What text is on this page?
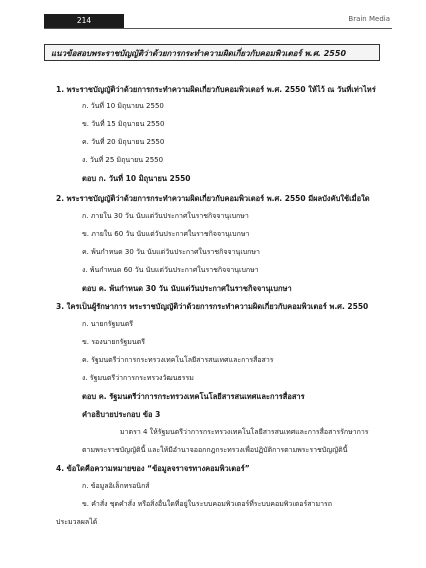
214	Brain Media
แนวข้อสอบพระราชบัญญัติว่าด้วยการกระทำความผิดเกี่ยวกับคอมพิวเตอร์ พ.ศ. 2550
1. พระราชบัญญัติว่าด้วยการกระทำความผิดเกี่ยวกับคอมพิวเตอร์ พ.ศ. 2550 ให้ไว้ ณ วันที่เท่าไหร่
ก. วันที่ 10 มิถุนายน 2550
ข. วันที่ 15 มิถุนายน 2550
ค. วันที่ 20 มิถุนายน 2550
ง. วันที่ 25 มิถุนายน 2550
ตอบ ก. วันที่ 10 มิถุนายน 2550
2. พระราชบัญญัติว่าด้วยการกระทำความผิดเกี่ยวกับคอมพิวเตอร์ พ.ศ. 2550 มีผลบังคับใช้เมื่อใด
ก. ภายใน 30 วัน นับแต่วันประกาศในราชกิจจานุเบกษา
ข. ภายใน 60 วัน นับแต่วันประกาศในราชกิจจานุเบกษา
ค. พ้นกำหนด 30 วัน นับแต่วันประกาศในราชกิจจานุเบกษา
ง. พ้นกำหนด 60 วัน นับแต่วันประกาศในราชกิจจานุเบกษา
ตอบ ค. พ้นกำหนด 30 วัน นับแต่วันประกาศในราชกิจจานุเบกษา
3. ใครเป็นผู้รักษาการ พระราชบัญญัติว่าด้วยการกระทำความผิดเกี่ยวกับคอมพิวเตอร์ พ.ศ. 2550
ก. นายกรัฐมนตรี
ข. รองนายกรัฐมนตรี
ค. รัฐมนตรีว่าการกระทรวงเทคโนโลยีสารสนเทศและการสื่อสาร
ง. รัฐมนตรีว่าการกระทรวงวัฒนธรรม
ตอบ ค. รัฐมนตรีว่าการกระทรวงเทคโนโลยีสารสนเทศและการสื่อสาร
คำอธิบายประกอบ ข้อ 3
มาตรา 4 ให้รัฐมนตรีว่าการกระทรวงเทคโนโลยีสารสนเทศและการสื่อสารรักษาการ
ตามพระราชบัญญัตินี้ และให้มีอำนาจออกกฎกระทรวงเพื่อปฏิบัติการตามพระราชบัญญัตินี้
4. ข้อใดคือความหมายของ “ข้อมูลจราจรทางคอมพิวเตอร์”
ก. ข้อมูลอิเล็กทรอนิกส์
ข. คำสั่ง ชุดคำสั่ง หรือสิ่งอื่นใดที่อยู่ในระบบคอมพิวเตอร์ที่ระบบคอมพิวเตอร์สามารถ
ประมวลผลได้
